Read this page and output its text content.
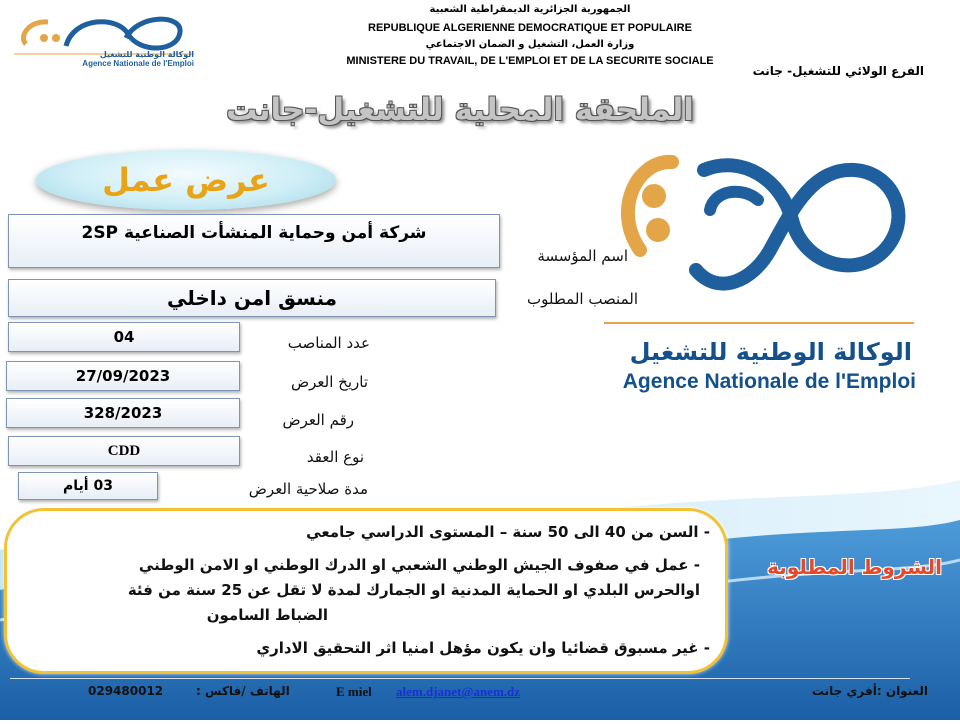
الوكالة الوطنية للتشغيل
Agence Nationale de l'Emploi
الجمهورية الجزائرية الديمقراطية الشعبية
REPUBLIQUE ALGERIENNE DEMOCRATIQUE ET POPULAIRE
وزارة العمل، التشغيل و الضمان الاجتماعي
MINISTERE DU TRAVAIL, DE L'EMPLOI ET DE LA SECURITE SOCIALE
الفرع الولائي للتشغيل- جانت
الملحقة المحلية للتشغيل-جانت
عرض عمل
الوكالة الوطنية للتشغيل
Agence Nationale de l'Emploi
شركة أمن وحماية المنشأت الصناعية 2SP
اسم المؤسسة
منسق امن داخلي	المنصب المطلوب
04	عدد المناصب
27/09/2023	تاريخ العرض
328/2023	رقم العرض
CDD	نوع العقد
03 أيام	مدة صلاحية العرض
- السن من 40 الى 50 سنة – المستوى الدراسي جامعي
- عمل في صفوف الجيش الوطني الشعبي او الدرك الوطني او الامن الوطني
اوالحرس البلدي او الحماية المدنية او الجمارك لمدة لا تقل عن 25 سنة من فئة
الضباط السامون
- غير مسبوق قضائيا وان يكون مؤهل امنيا اثر التحقيق الاداري
الشروط المطلوبة
العنوان :أفري جانت
E miel alem.djanet@anem.dz
الهاتف /فاكس :
029480012
